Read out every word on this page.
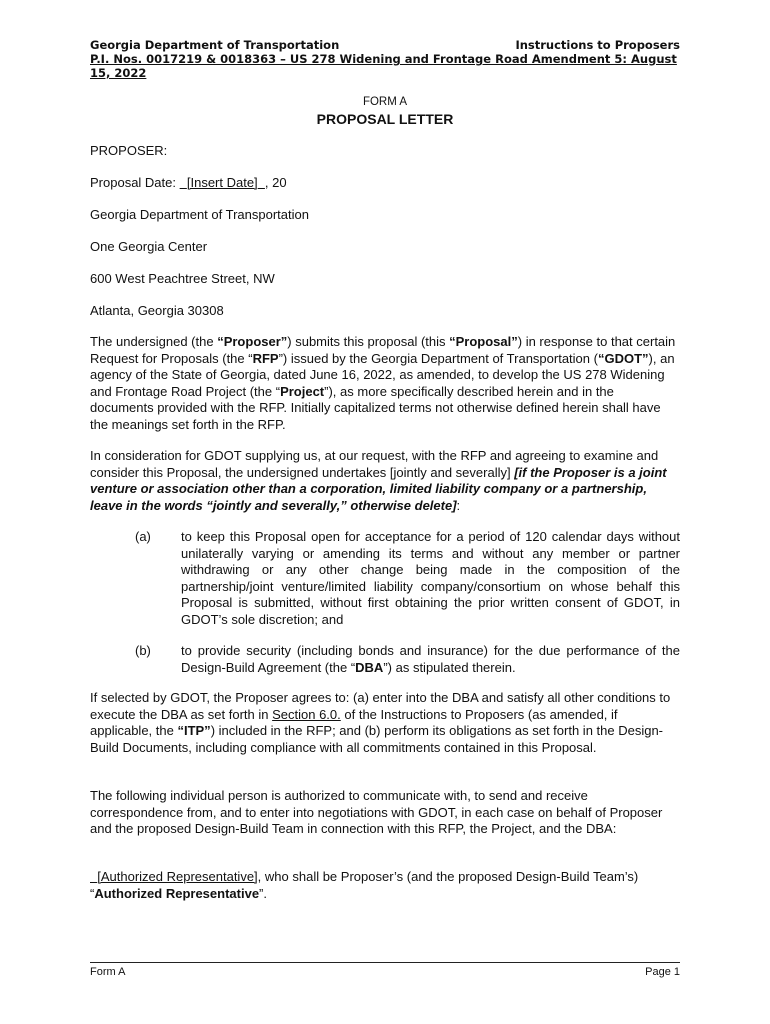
Georgia Department of Transportation	Instructions to Proposers
P.I. Nos. 0017219 & 0018363 – US 278 Widening and Frontage Road Amendment 5: August 15, 2022
FORM A
PROPOSAL LETTER

PROPOSER:

Proposal Date: [Insert Date] , 20

Georgia Department of Transportation

One Georgia Center

600 West Peachtree Street, NW

Atlanta, Georgia 30308

The undersigned (the “Proposer”) submits this proposal (this “Proposal”) in response to that certain Request for Proposals (the “RFP”) issued by the Georgia Department of Transportation (“GDOT”), an agency of the State of Georgia, dated June 16, 2022, as amended, to develop the US 278 Widening and Frontage Road Project (the “Project”), as more specifically described herein and in the documents provided with the RFP. Initially capitalized terms not otherwise defined herein shall have the meanings set forth in the RFP.

In consideration for GDOT supplying us, at our request, with the RFP and agreeing to examine and consider this Proposal, the undersigned undertakes [jointly and severally] [if the Proposer is a joint venture or association other than a corporation, limited liability company or a partnership, leave in the words “jointly and severally,” otherwise delete]:

(a) to keep this Proposal open for acceptance for a period of 120 calendar days without unilaterally varying or amending its terms and without any member or partner withdrawing or any other change being made in the composition of the partnership/joint venture/limited liability company/consortium on whose behalf this Proposal is submitted, without first obtaining the prior written consent of GDOT, in GDOT’s sole discretion; and
(b) to provide security (including bonds and insurance) for the due performance of the Design-Build Agreement (the “DBA”) as stipulated therein.

If selected by GDOT, the Proposer agrees to: (a) enter into the DBA and satisfy all other conditions to execute the DBA as set forth in Section 6.0. of the Instructions to Proposers (as amended, if applicable, the “ITP”) included in the RFP; and (b) perform its obligations as set forth in the Design-Build Documents, including compliance with all commitments contained in this Proposal.

The following individual person is authorized to communicate with, to send and receive correspondence from, and to enter into negotiations with GDOT, in each case on behalf of Proposer and the proposed Design-Build Team in connection with this RFP, the Project, and the DBA:

[Authorized Representative], who shall be Proposer’s (and the proposed Design-Build Team’s) “Authorized Representative”.

Form A	Page 1
